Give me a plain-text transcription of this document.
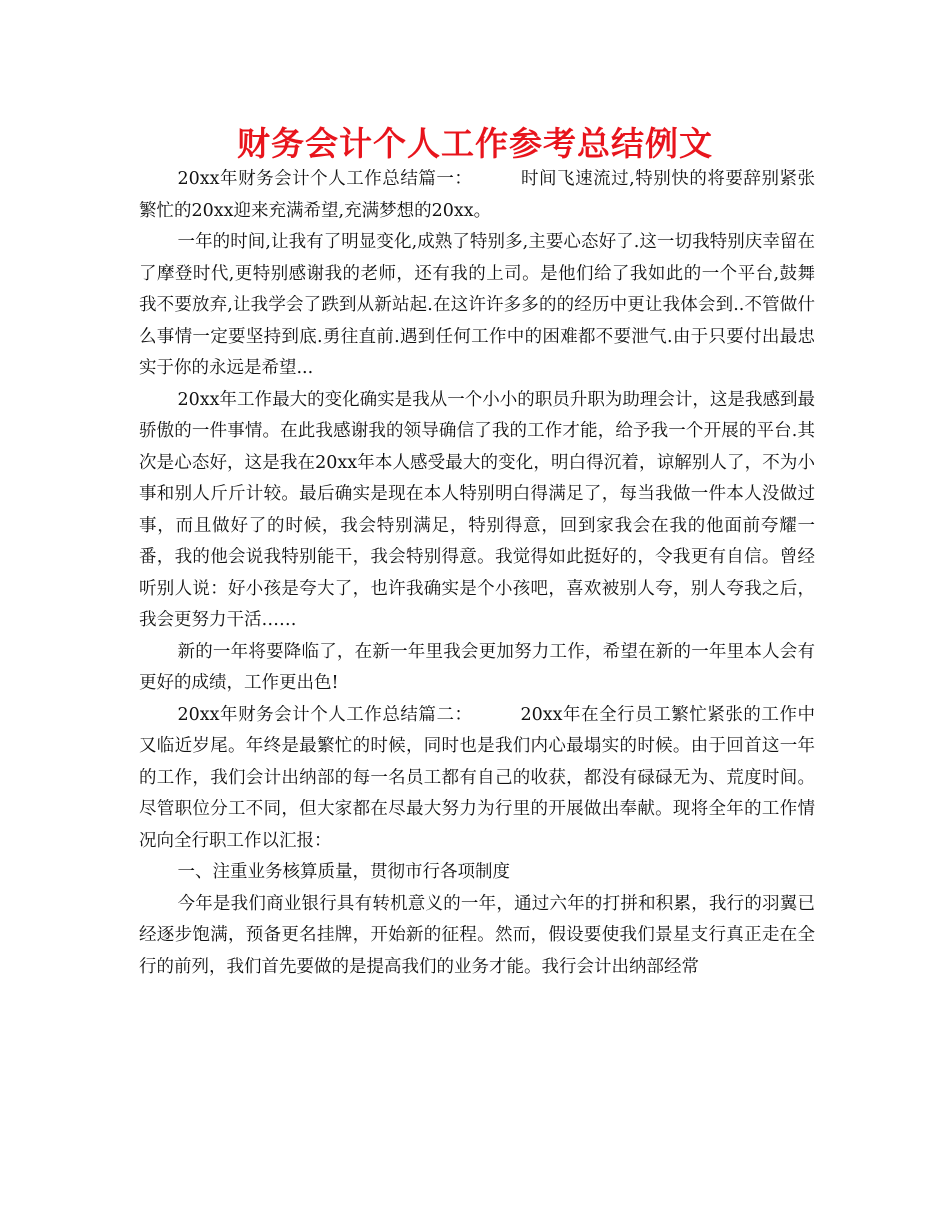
财务会计个人工作参考总结例文

20xx年财务会计个人工作总结篇一：	时间飞速流过,特别快的将要辞别紧张繁忙的20xx迎来充满希望,充满梦想的20xx。

一年的时间,让我有了明显变化,成熟了特别多,主要心态好了.这一切我特别庆幸留在了摩登时代,更特别感谢我的老师，还有我的上司。是他们给了我如此的一个平台,鼓舞我不要放弃,让我学会了跌到从新站起.在这许许多多的的经历中更让我体会到..不管做什么事情一定要坚持到底.勇往直前.遇到任何工作中的困难都不要泄气.由于只要付出最忠实于你的永远是希望...

20xx年工作最大的变化确实是我从一个小小的职员升职为助理会计，这是我感到最骄傲的一件事情。在此我感谢我的领导确信了我的工作才能，给予我一个开展的平台.其次是心态好，这是我在20xx年本人感受最大的变化，明白得沉着，谅解别人了，不为小事和别人斤斤计较。最后确实是现在本人特别明白得满足了，每当我做一件本人没做过事，而且做好了的时候，我会特别满足，特别得意，回到家我会在我的他面前夸耀一番，我的他会说我特别能干，我会特别得意。我觉得如此挺好的，令我更有自信。曾经听别人说：好小孩是夸大了，也许我确实是个小孩吧，喜欢被别人夸，别人夸我之后，我会更努力干活……

新的一年将要降临了，在新一年里我会更加努力工作，希望在新的一年里本人会有更好的成绩，工作更出色!

20xx年财务会计个人工作总结篇二：	20xx年在全行员工繁忙紧张的工作中又临近岁尾。年终是最繁忙的时候，同时也是我们内心最塌实的时候。由于回首这一年的工作，我们会计出纳部的每一名员工都有自己的收获，都没有碌碌无为、荒度时间。尽管职位分工不同，但大家都在尽最大努力为行里的开展做出奉献。现将全年的工作情况向全行职工作以汇报：

一、注重业务核算质量，贯彻市行各项制度

今年是我们商业银行具有转机意义的一年，通过六年的打拼和积累，我行的羽翼已经逐步饱满，预备更名挂牌，开始新的征程。然而，假设要使我们景星支行真正走在全行的前列，我们首先要做的是提高我们的业务才能。我行会计出纳部经常
